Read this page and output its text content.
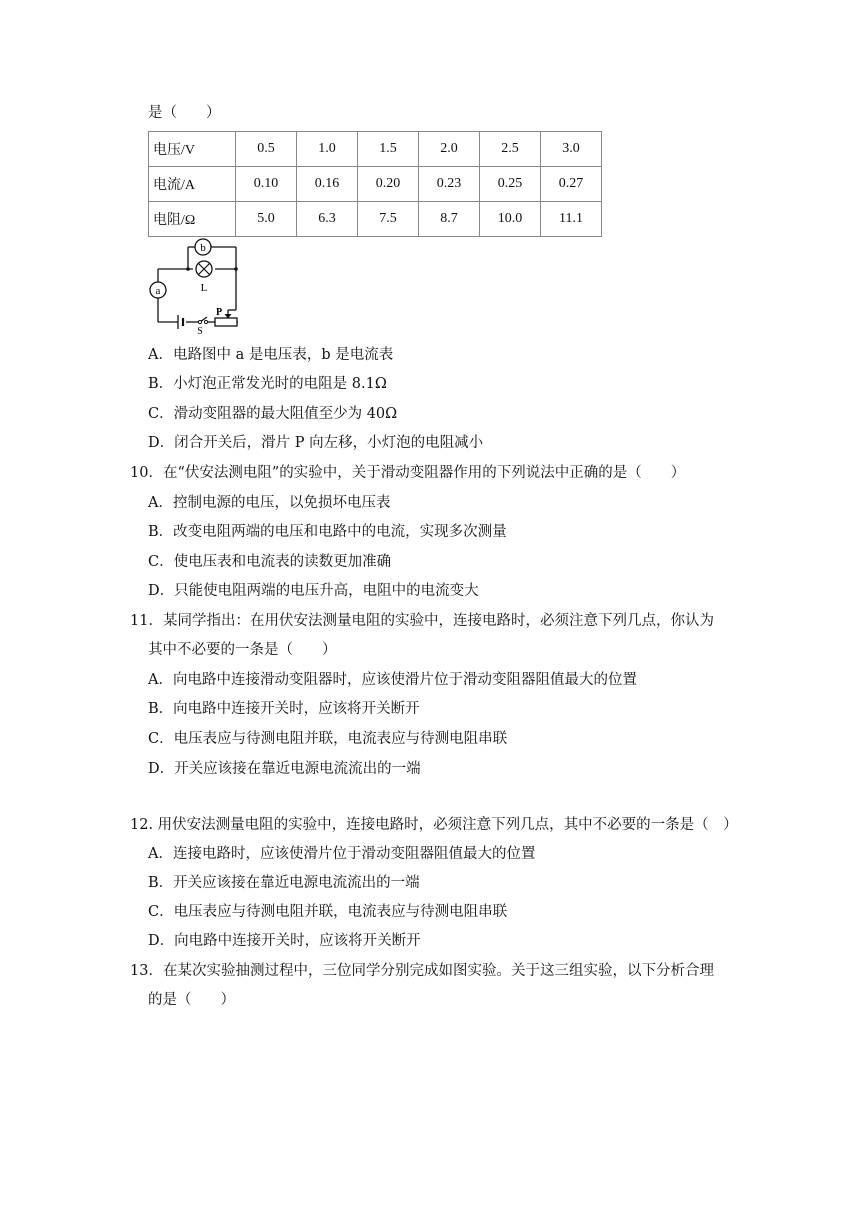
是（　　）
电压/V	0.5	1.0	1.5	2.0	2.5	3.0
电流/A	0.10	0.16	0.20	0.23	0.25	0.27
电阻/Ω	5.0	6.3	7.5	8.7	10.0	11.1
b
L
a
S
P
A．电路图中 a 是电压表，b 是电流表
B．小灯泡正常发光时的电阻是 8.1Ω
C．滑动变阻器的最大阻值至少为 40Ω
D．闭合开关后，滑片 P 向左移，小灯泡的电阻减小
10．在“伏安法测电阻”的实验中，关于滑动变阻器作用的下列说法中正确的是（　　）
A．控制电源的电压，以免损坏电压表
B．改变电阻两端的电压和电路中的电流，实现多次测量
C．使电压表和电流表的读数更加准确
D．只能使电阻两端的电压升高，电阻中的电流变大
11．某同学指出：在用伏安法测量电阻的实验中，连接电路时，必须注意下列几点，你认为
其中不必要的一条是（　　）
A．向电路中连接滑动变阻器时，应该使滑片位于滑动变阻器阻值最大的位置
B．向电路中连接开关时，应该将开关断开
C．电压表应与待测电阻并联，电流表应与待测电阻串联
D．开关应该接在靠近电源电流流出的一端
12. 用伏安法测量电阻的实验中，连接电路时，必须注意下列几点，其中不必要的一条是（　）
A．连接电路时，应该使滑片位于滑动变阻器阻值最大的位置
B．开关应该接在靠近电源电流流出的一端
C．电压表应与待测电阻并联，电流表应与待测电阻串联
D．向电路中连接开关时，应该将开关断开
13．在某次实验抽测过程中，三位同学分别完成如图实验。关于这三组实验，以下分析合理
的是（　　）
